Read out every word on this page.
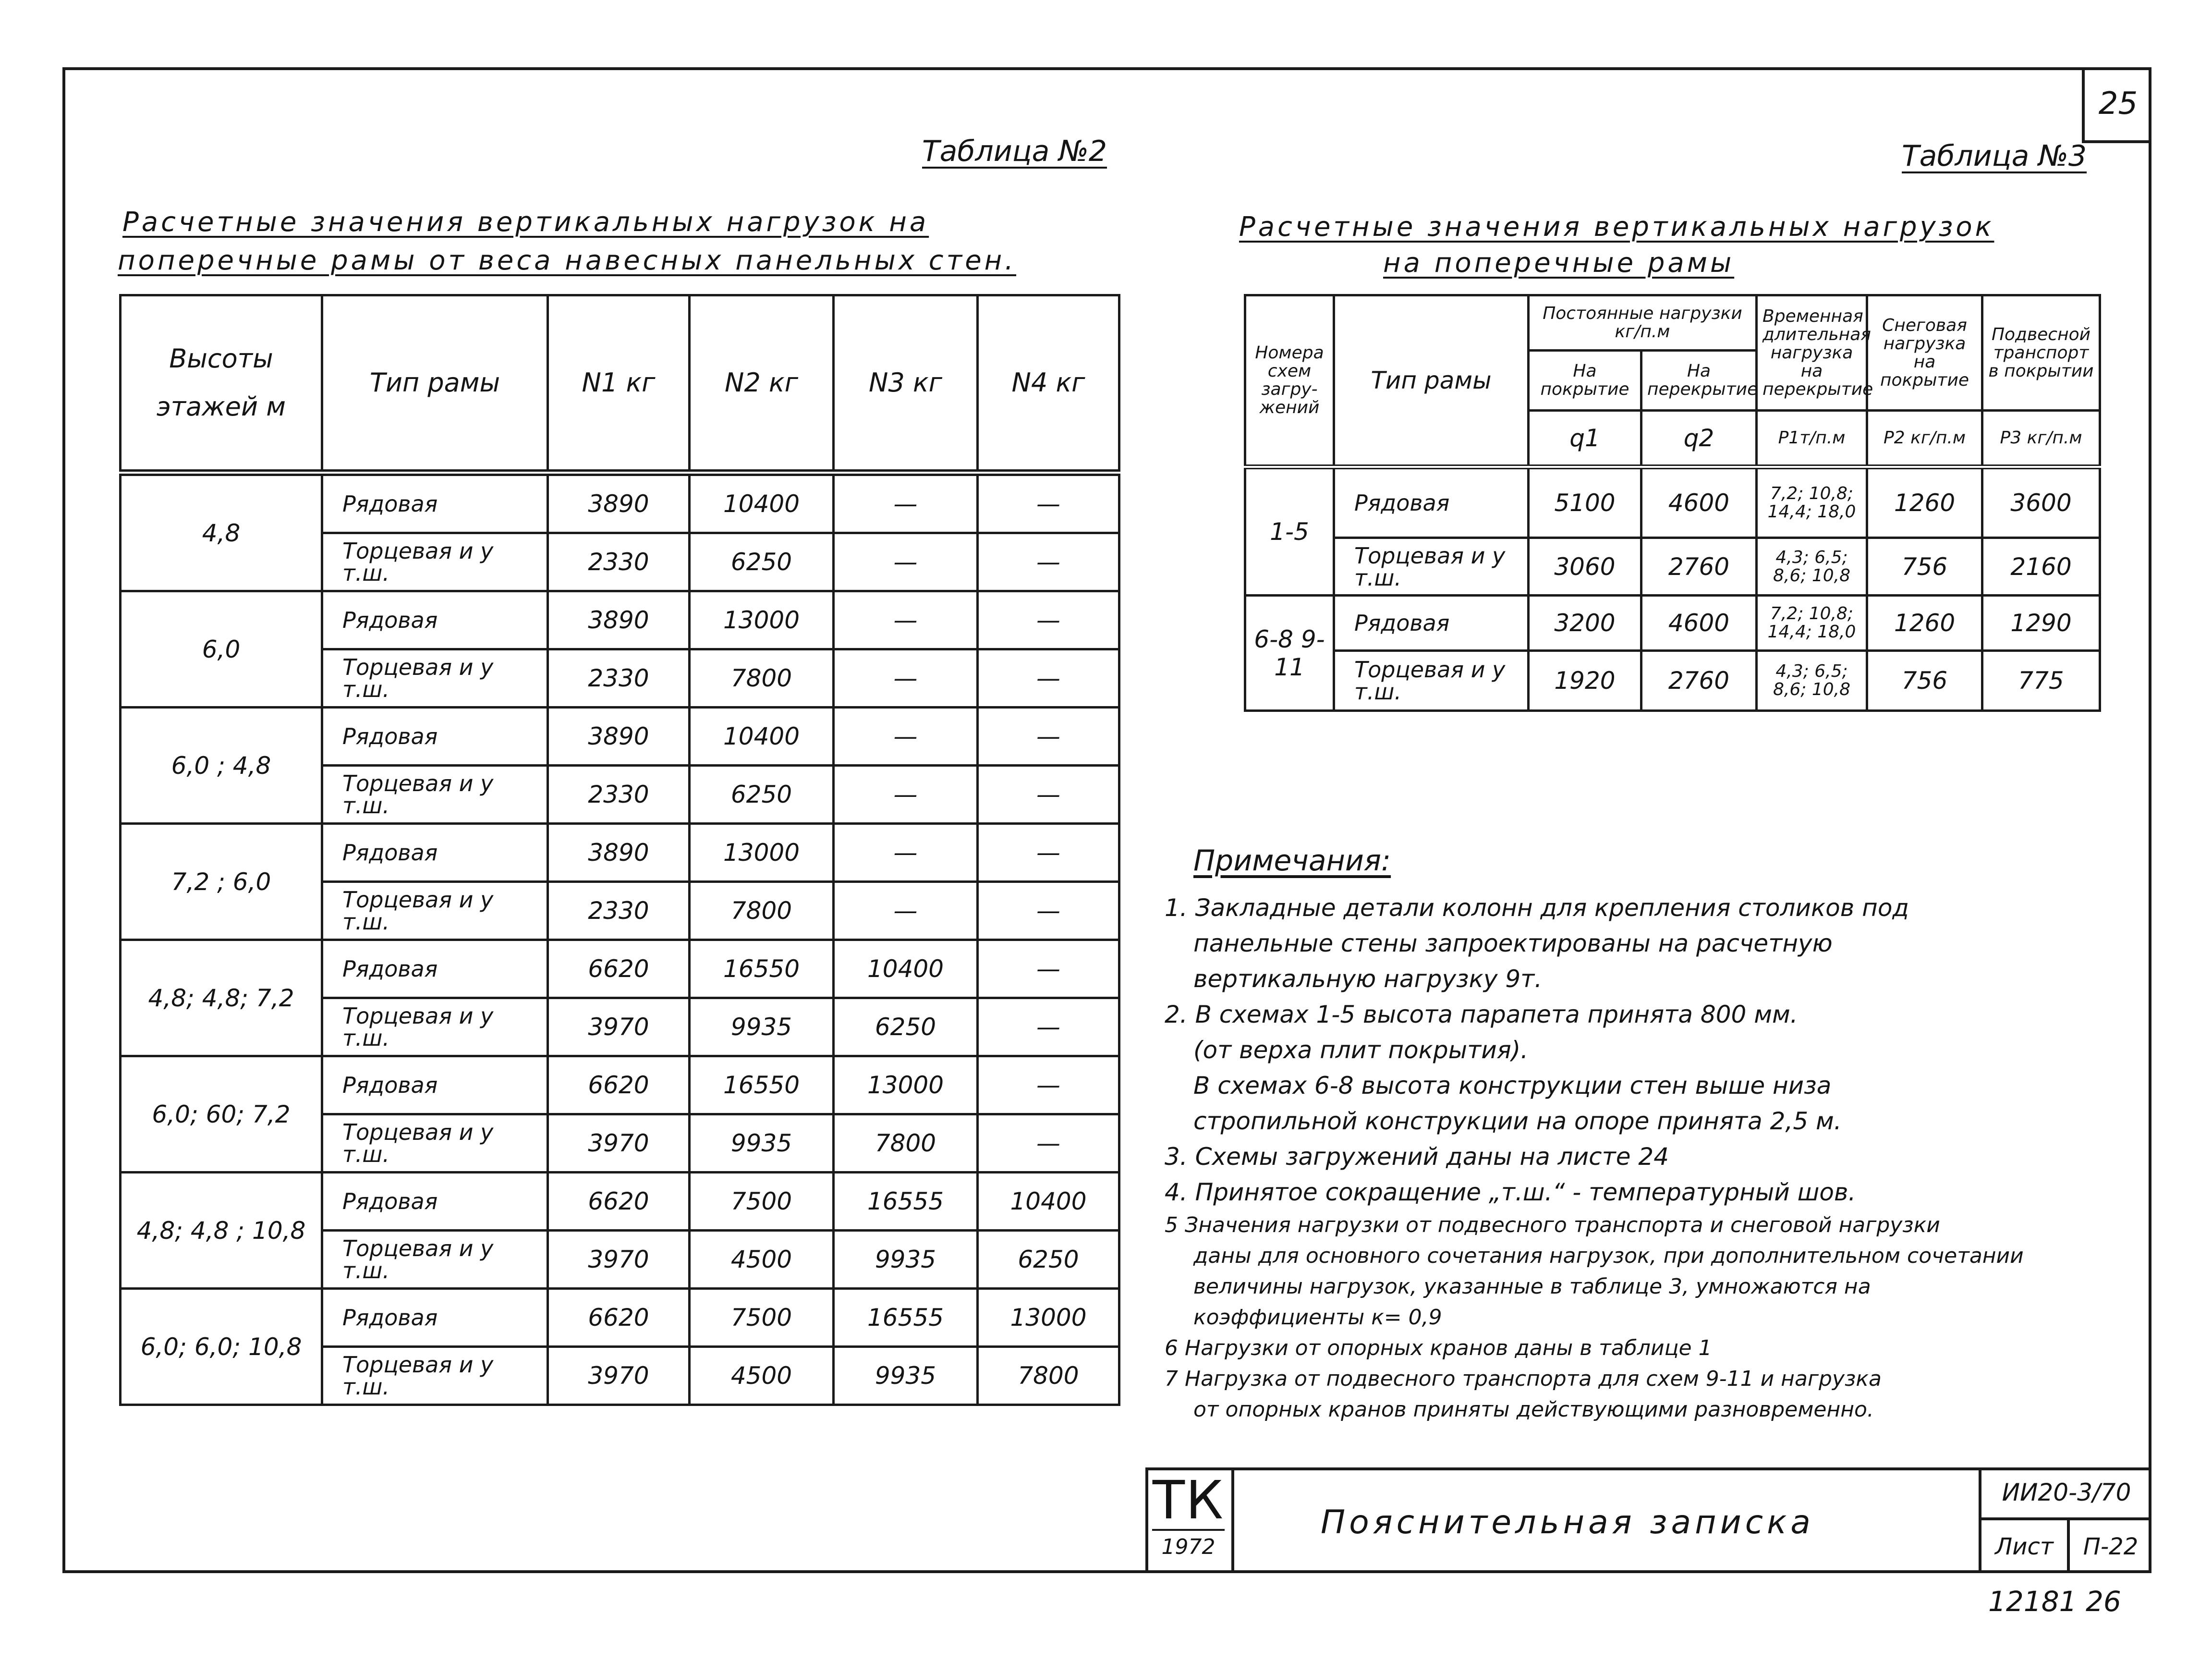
25
Таблица №2
Расчетные значения вертикальных нагрузок на
поперечные рамы от веса навесных панельных стен.
Высоты этажей м	Тип рамы	N1 кг	N2 кг	N3 кг	N4 кг
4,8	Рядовая	3890	10400	—	—
	Торцевая и у т.ш.	2330	6250	—	—
6,0	Рядовая	3890	13000	—	—
	Торцевая и у т.ш.	2330	7800	—	—
6,0 ; 4,8	Рядовая	3890	10400	—	—
	Торцевая и у т.ш.	2330	6250	—	—
7,2 ; 6,0	Рядовая	3890	13000	—	—
	Торцевая и у т.ш.	2330	7800	—	—
4,8; 4,8; 7,2	Рядовая	6620	16550	10400	—
	Торцевая и у т.ш.	3970	9935	6250	—
6,0; 60; 7,2	Рядовая	6620	16550	13000	—
	Торцевая и у т.ш.	3970	9935	7800	—
4,8; 4,8 ; 10,8	Рядовая	6620	7500	16555	10400
	Торцевая и у т.ш.	3970	4500	9935	6250
6,0; 6,0; 10,8	Рядовая	6620	7500	16555	13000
	Торцевая и у т.ш.	3970	4500	9935	7800
Таблица №3
Расчетные значения вертикальных нагрузок
на поперечные рамы
Номера схем загру- жений	Тип рамы	Постоянные нагрузки кг/п.м		Временная длительная нагрузка на перекрытие	Снеговая нагрузка на покрытие	Подвесной транспорт в покрытии
		На покрытие	На перекрытие			
		q1	q2	P1т/п.м	P2 кг/п.м	P3 кг/п.м
1-5	Рядовая	5100	4600	7,2; 10,8; 14,4; 18,0	1260	3600
	Торцевая и у т.ш.	3060	2760	4,3; 6,5; 8,6; 10,8	756	2160
6-8 9-11	Рядовая	3200	4600	7,2; 10,8; 14,4; 18,0	1260	1290
	Торцевая и у т.ш.	1920	2760	4,3; 6,5; 8,6; 10,8	756	775
Примечания:
1. Закладные детали колонн для крепления столиков под
панельные стены запроектированы на расчетную
вертикальную нагрузку 9т.
2. В схемах 1-5 высота парапета принята 800 мм.
(от верха плит покрытия).
В схемах 6-8 высота конструкции стен выше низа
стропильной конструкции на опоре принята 2,5 м.
3. Схемы загружений даны на листе 24
4. Принятое сокращение „т.ш.“ - температурный шов.
5 Значения нагрузки от подвесного транспорта и снеговой нагрузки
даны для основного сочетания нагрузок, при дополнительном сочетании
величины нагрузок, указанные в таблице 3, умножаются на
коэффициенты к= 0,9
6 Нагрузки от опорных кранов даны в таблице 1
7 Нагрузка от подвесного транспорта для схем 9-11 и нагрузка
от опорных кранов приняты действующими разновременно.
ТК
1972
Пояснительная записка
ИИ20-3/70
Лист	П-22
12181 26
